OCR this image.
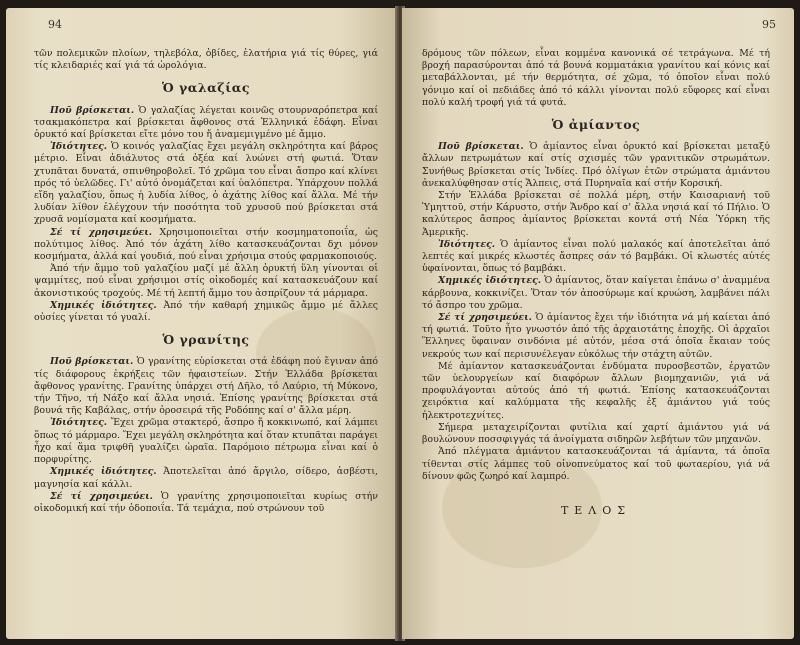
94

τῶν πολεμικῶν πλοίων, τηλεβόλα, ὀβίδες, ἐλατήρια γιά τίς θύρες, γιά τίς κλειδαριές καί γιά τά ὡρολόγια.

Ὁ γαλαζίας

Ποῦ βρίσκεται. Ὁ γαλαζίας λέγεται κοινῶς στουρναρόπετρα καί τσακμακόπετρα καί βρίσκεται ἄφθονος στά Ἑλληνικά ἐδάφη. Εἶναι ὀρυκτό καί βρίσκεται εἴτε μόνο του ἤ ἀναμεμιγμένο μέ ἄμμο.

Ἰδιότητες. Ὁ κοινός γαλαζίας ἔχει μεγάλη σκληρότητα καί βάρος μέτριο. Εἶναι ἀδιάλυτος στά ὀξέα καί λυώνει στή φωτιά. Ὅταν χτυπᾶται δυνατά, σπινθηροβολεῖ. Τό χρῶμα του εἶναι ἄσπρο καί κλίνει πρός τό ὑελῶδες. Γι' αὐτό ὀνομάζεται καί ὑαλόπετρα. Ὑπάρχουν πολλά εἴδη γαλαζίου, ὅπως ἡ λυδία λίθος, ὁ ἀχάτης λίθος καί ἄλλα. Μέ τήν λυδίαν λίθον ἐλέγχουν τήν ποσότητα τοῦ χρυσοῦ πού βρίσκεται στά χρυσᾶ νομίσματα καί κοσμήματα.

Σέ τί χρησιμεύει. Χρησιμοποιεῖται στήν κοσμηματοποιΐα, ὡς πολύτιμος λίθος. Ἀπό τόν ἀχάτη λίθο κατασκευάζονται δχι μόνον κοσμήματα, ἀλλά καί γουδιά, πού εἶναι χρήσιμα στούς φαρμακοποιούς.

Ἀπό τήν ἄμμο τοῦ γαλαζίου μαζί μέ ἄλλη ὀρυκτή ὕλη γίνονται οἱ ψαμμίτες, πού εἶναι χρήσιμοι στίς οἰκοδομές καί κατασκευάζουν καί ἀκονιστικούς τροχούς. Μέ τή λεπτή ἄμμο του ἀσπρίζουν τά μάρμαρα.

Χημικές ἰδιότητες. Ἀπό τήν καθαρή χημικῶς ἄμμο μέ ἄλλες οὐσίες γίνεται τό γυαλί.

Ὁ γρανίτης

Ποῦ βρίσκεται. Ὁ γρανίτης εὑρίσκεται στά ἐδάφη πού ἔγιναν ἀπό τίς διάφορους ἐκρήξεις τῶν ἡφαιστείων. Στήν Ἑλλάδα βρίσκεται ἄφθονος γρανίτης. Γρανίτης ὑπάρχει στή Δῆλο, τό Λαύριο, τή Μύκονο, τήν Τῆνο, τή Νάξο καί ἄλλα νησιά. Ἐπίσης γρανίτης βρίσκεται στά βουνά τῆς Καβάλας, στήν ὀροσειρά τῆς Ροδόπης καί σ' ἄλλα μέρη.

Ἰδιότητες. Ἔχει χρῶμα στακτερό, ἄσπρο ἤ κοκκινωπό, καί λάμπει ὅπως τό μάρμαρο. Ἔχει μεγάλη σκληρότητα καί ὅταν κτυπᾶται παράγει ἦχο καί ἅμα τριφθῆ γυαλίζει ὡραῖα. Παρόμοιο πέτρωμα εἶναι καί ὁ πορφυρίτης.

Χημικές ἰδιότητες. Ἀποτελεῖται ἀπό ἄργιλο, σίδερο, ἀσβέστι, μαγνησία καί κάλλι.

Σέ τί χρησιμεύει. Ὁ γρανίτης χρησιμοποιεῖται κυρίως στήν οἰκοδομική καί τήν ὁδοποιΐα. Τά τεμάχια, πού στρώνουν τοῦ

95

δρόμους τῶν πόλεων, εἶναι κομμένα κανονικά σέ τετράγωνα. Μέ τή βροχή παρασύρονται ἀπό τά βουνά κομματάκια γρανίτου καί κόνις καί μεταβάλλονται, μέ τήν θερμότητα, σέ χῶμα, τό ὁποῖον εἶναι πολύ γόνιμο καί οἱ πεδιάδες ἀπό τό κάλλι γίνονται πολύ εὔφορες καί εἶναι πολύ καλή τροφή γιά τά φυτά.

Ὁ ἀμίαντος

Ποῦ βρίσκεται. Ὁ ἀμίαντος εἶναι ὀρυκτό καί βρίσκεται μεταξύ ἄλλων πετρωμάτων καί στίς σχισμές τῶν γρανιτικῶν στρωμάτων. Συνήθως βρίσκεται στίς Ἰνδίες. Πρό ὀλίγων ἐτῶν στρώματα ἀμιάντου ἀνεκαλύφθησαν στίς Ἄλπεις, στά Πυρηναῖα καί στήν Κορσική.

Στήν Ἑλλάδα βρίσκεται σέ πολλά μέρη, στήν Καισαριανή τοῦ Ὑμηττοῦ, στήν Κάρυστο, στήν Ἄνδρο καί σ' ἄλλα νησιά καί τό Πήλιο. Ὁ καλύτερος ἄσπρος ἀμίαντος βρίσκεται κοντά στή Νέα Ὑόρκη τῆς Ἀμερικῆς.

Ἰδιότητες. Ὁ ἀμίαντος εἶναι πολύ μαλακός καί ἀποτελεῖται ἀπό λεπτές καί μικρές κλωστές ἄσπρες σάν τό βαμβάκι. Οἱ κλωστές αὐτές ὑφαίνονται, ὅπως τό βαμβάκι.

Χημικές ἰδιότητες. Ὁ ἀμίαντος, ὅταν καίγεται ἐπάνω σ' ἀναμμένα κάρβουνα, κοκκινίζει. Ὅταν τόν ἀποσύρωμε καί κρυώση, λαμβάνει πάλι τό ἄσπρο του χρῶμα.

Σέ τί χρησιμεύει. Ὁ ἀμίαντος ἔχει τήν ἰδιότητα νά μή καίεται ἀπό τή φωτιά. Τοῦτο ἦτο γνωστόν ἀπό τῆς ἀρχαιοτάτης ἐποχῆς. Οἱ ἀρχαῖοι Ἕλληνες ὕφαιναν σινδόνια μέ αὐτόν, μέσα στά ὁποῖα ἔκαιαν τούς νεκρούς των καί περισυνέλεγαν εὐκόλως τήν στάχτη αὐτῶν.

Μέ ἀμίαντον κατασκευάζονται ἐνδύματα πυροσβεστῶν, ἐργατῶν τῶν ὑελουργείων καί διαφόρων ἄλλων βιομηχανιῶν, γιά νά προφυλάγονται αὐτούς ἀπό τή φωτιά. Ἐπίσης κατασκευάζονται χειρόκτια καί καλύμματα τῆς κεφαλῆς ἐξ ἀμιάντου γιά τούς ἠλεκτροτεχνίτες.

Σήμερα μεταχειρίζονται φυτίλια καί χαρτί ἀμιάντου γιά νά βουλώνουν ποσσφιγγάς τά ἀνοίγματα σιδηρῶν λεβήτων τῶν μηχανῶν.

Ἀπό πλέγματα ἀμιάντου κατασκευάζονται τά ἀμίαντα, τά ὁποῖα τίθενται στίς λάμπες τοῦ οἰνοπνεύματος καί τοῦ φωταερίου, γιά νά δίνουν φῶς ζωηρό καί λαμπρό.

ΤΕΛΟΣ
